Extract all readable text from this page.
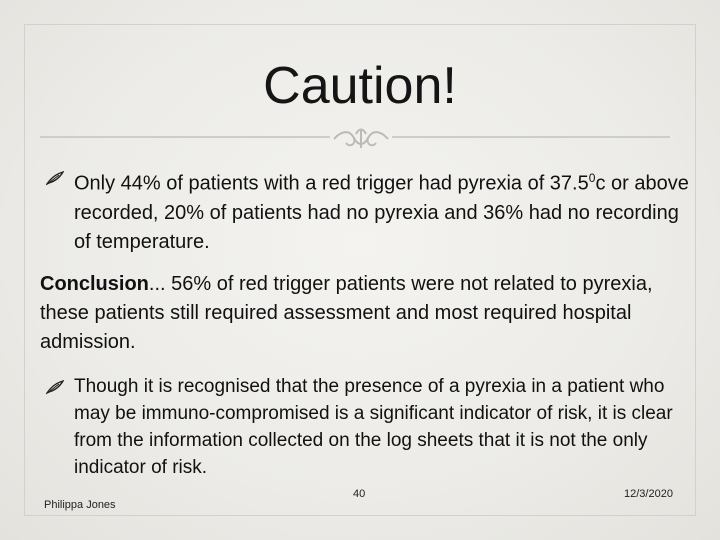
Caution!
Only 44% of patients with a red trigger had pyrexia of 37.5$^0$c or above recorded, 20% of patients had no pyrexia and 36% had no recording of temperature.
Conclusion... 56% of red trigger patients were not related to pyrexia, these patients still required assessment and most required hospital admission.
Though it is recognised that the presence of a pyrexia in a patient who may be immuno-compromised is a significant indicator of risk, it is clear from the information collected on the log sheets that it is not the only indicator of risk.
Philippa Jones
40	12/3/2020
